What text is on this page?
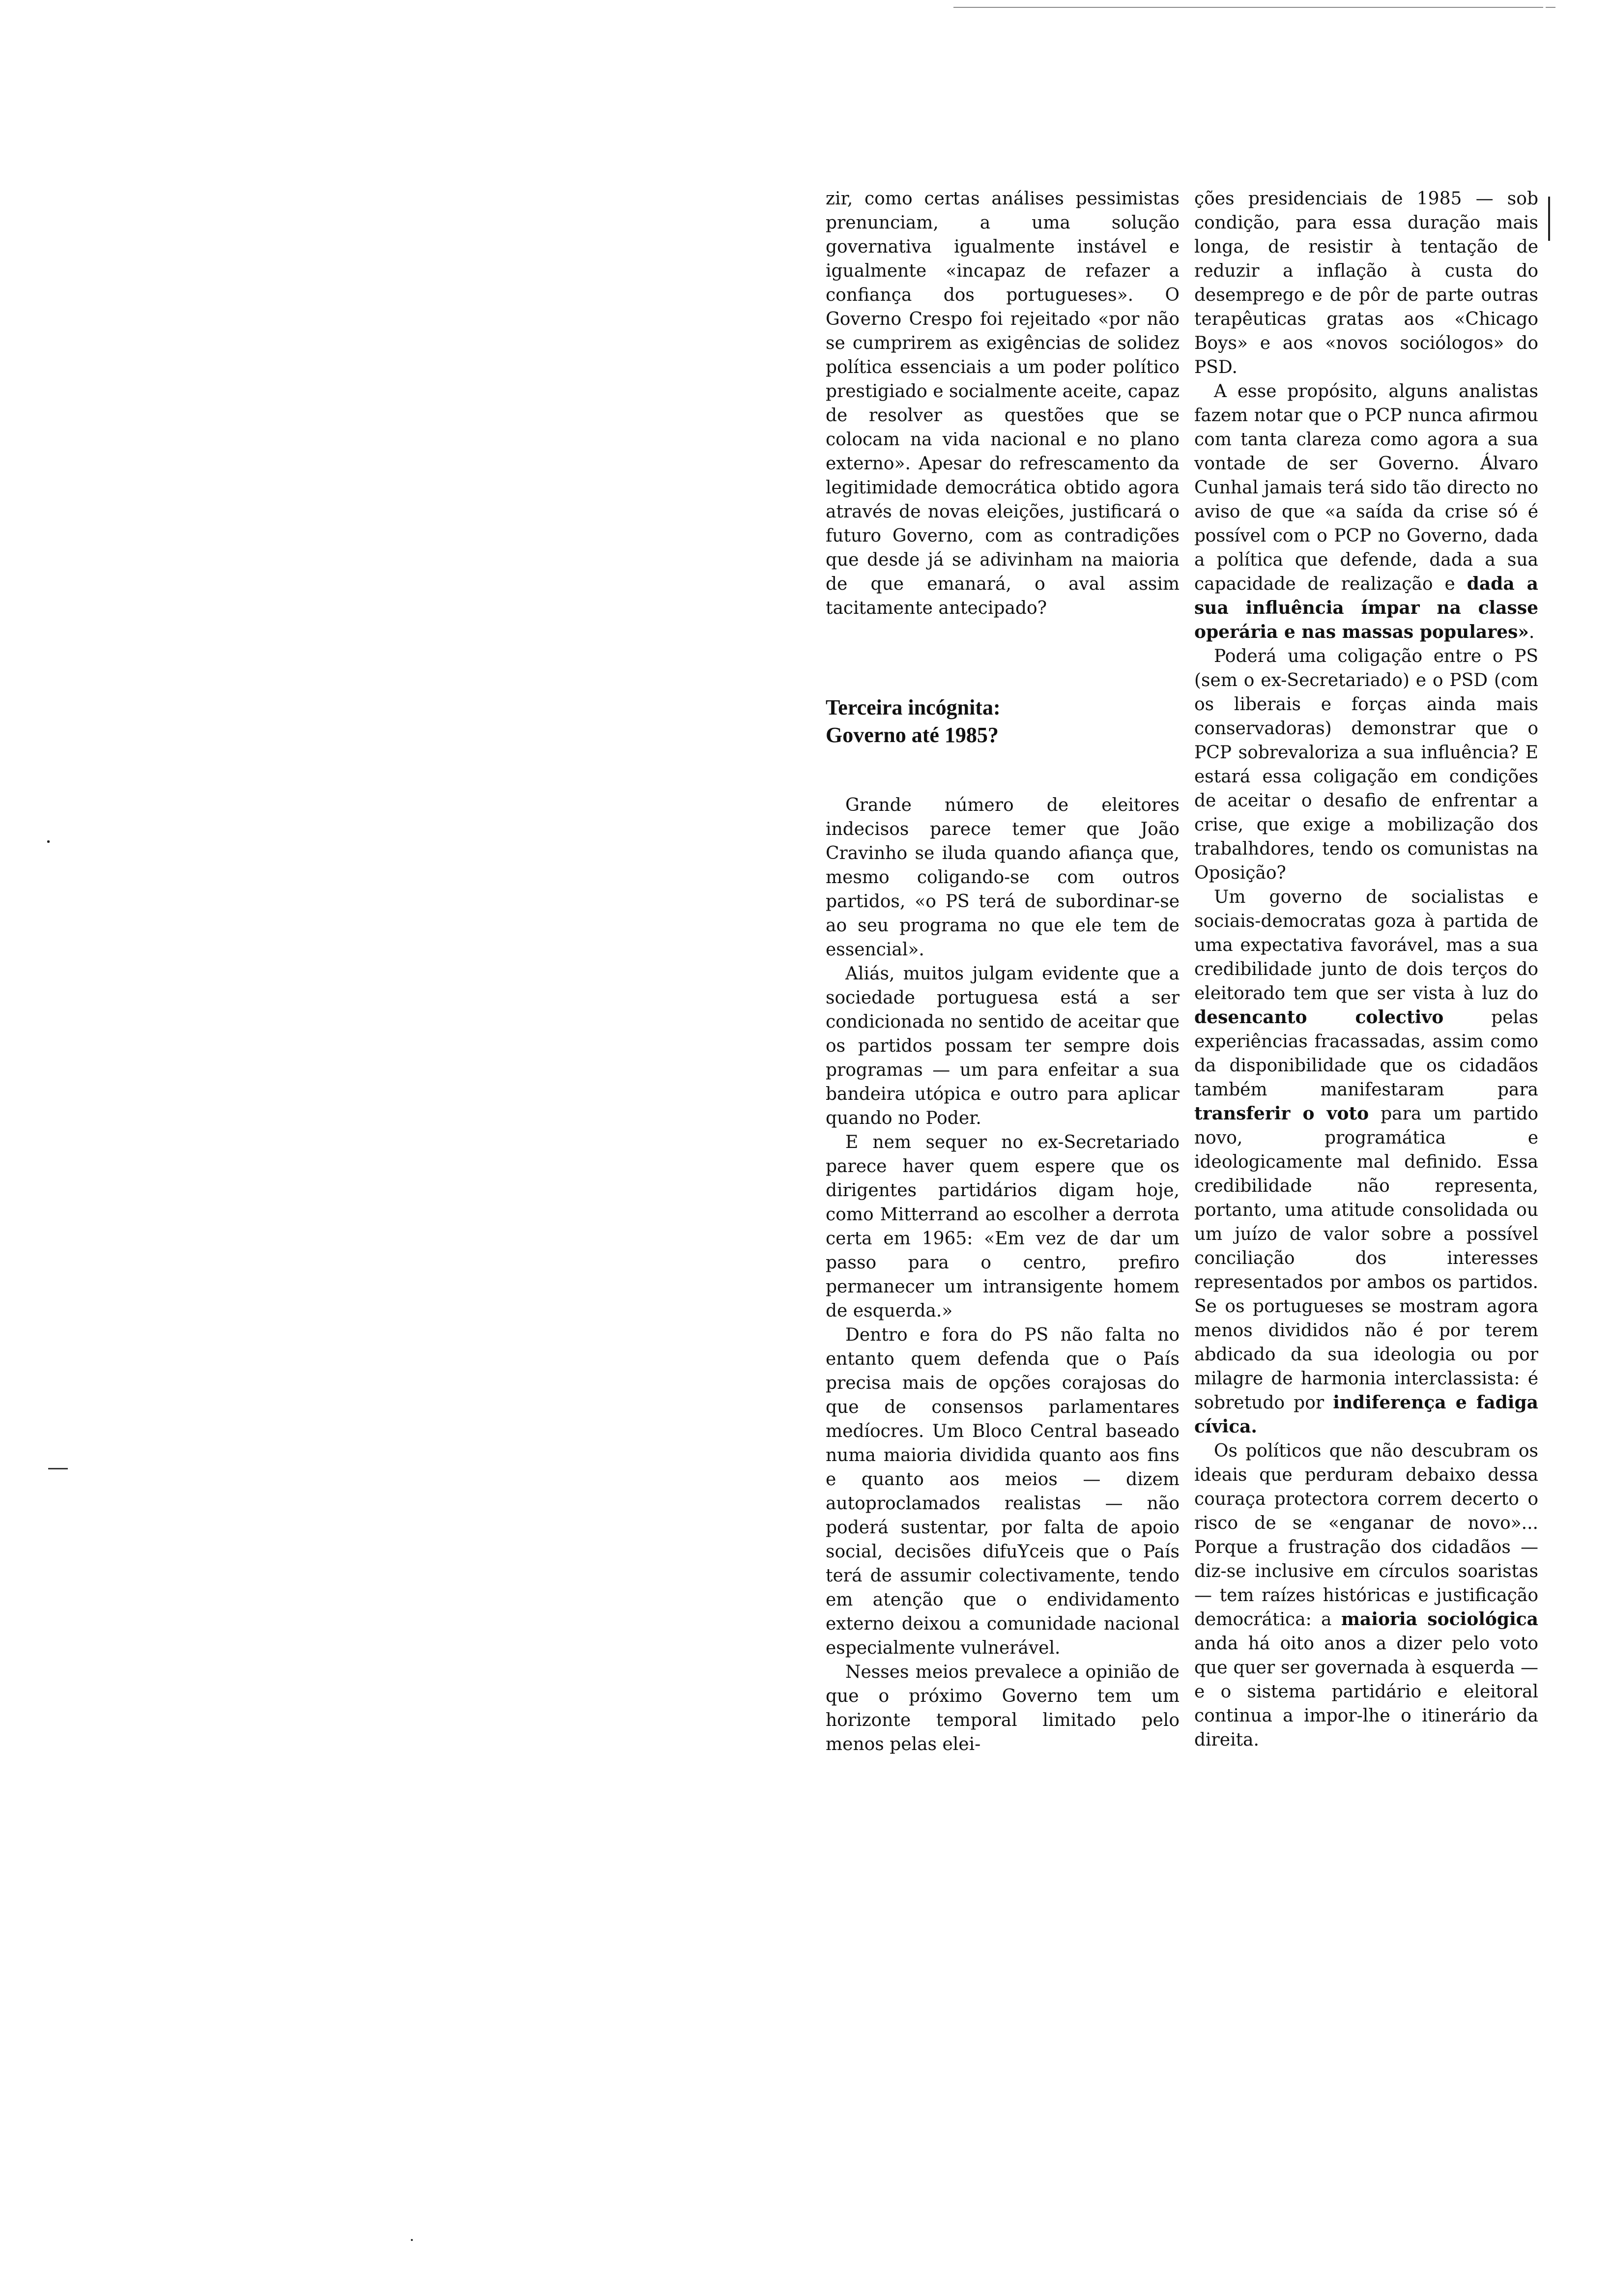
zir, como certas análises pessimistas prenunciam, a uma solução governativa igualmente instável e igualmente «incapaz de refazer a confiança dos portugueses». O Governo Crespo foi rejeitado «por não se cumprirem as exigências de solidez política essenciais a um poder político prestigiado e socialmente aceite, capaz de resolver as questões que se colocam na vida nacional e no plano externo». Apesar do refrescamento da legitimidade democrática obtido agora através de novas eleições, justificará o futuro Governo, com as contradições que desde já se adivinham na maioria de que emanará, o aval assim tacitamente antecipado?

Terceira incógnita:
Governo até 1985?

Grande número de eleitores indecisos parece temer que João Cravinho se iluda quando afiança que, mesmo coligando-se com outros partidos, «o PS terá de subordinar-se ao seu programa no que ele tem de essencial».

Aliás, muitos julgam evidente que a sociedade portuguesa está a ser condicionada no sentido de aceitar que os partidos possam ter sempre dois programas — um para enfeitar a sua bandeira utópica e outro para aplicar quando no Poder.

E nem sequer no ex-Secretariado parece haver quem espere que os dirigentes partidários digam hoje, como Mitterrand ao escolher a derrota certa em 1965: «Em vez de dar um passo para o centro, prefiro permanecer um intransigente homem de esquerda.»

Dentro e fora do PS não falta no entanto quem defenda que o País precisa mais de opções corajosas do que de consensos parlamentares medíocres. Um Bloco Central baseado numa maioria dividida quanto aos fins e quanto aos meios — dizem autoproclamados realistas — não poderá sustentar, por falta de apoio social, decisões difuYceis que o País terá de assumir colectivamente, tendo em atenção que o endividamento externo deixou a comunidade nacional especialmente vulnerável.

Nesses meios prevalece a opinião de que o próximo Governo tem um horizonte temporal limitado pelo menos pelas elei-

ções presidenciais de 1985 — sob condição, para essa duração mais longa, de resistir à tentação de reduzir a inflação à custa do desemprego e de pôr de parte outras terapêuticas gratas aos «Chicago Boys» e aos «novos sociólogos» do PSD.

A esse propósito, alguns analistas fazem notar que o PCP nunca afirmou com tanta clareza como agora a sua vontade de ser Governo. Álvaro Cunhal jamais terá sido tão directo no aviso de que «a saída da crise só é possível com o PCP no Governo, dada a política que defende, dada a sua capacidade de realização e dada a sua influência ímpar na classe operária e nas massas populares».

Poderá uma coligação entre o PS (sem o ex-Secretariado) e o PSD (com os liberais e forças ainda mais conservadoras) demonstrar que o PCP sobrevaloriza a sua influência? E estará essa coligação em condições de aceitar o desafio de enfrentar a crise, que exige a mobilização dos trabalhdores, tendo os comunistas na Oposição?

Um governo de socialistas e sociais-democratas goza à partida de uma expectativa favorável, mas a sua credibilidade junto de dois terços do eleitorado tem que ser vista à luz do desencanto colectivo pelas experiências fracassadas, assim como da disponibilidade que os cidadãos também manifestaram para transferir o voto para um partido novo, programática e ideologicamente mal definido. Essa credibilidade não representa, portanto, uma atitude consolidada ou um juízo de valor sobre a possível conciliação dos interesses representados por ambos os partidos. Se os portugueses se mostram agora menos divididos não é por terem abdicado da sua ideologia ou por milagre de harmonia interclassista: é sobretudo por indiferença e fadiga cívica.

Os políticos que não descubram os ideais que perduram debaixo dessa couraça protectora correm decerto o risco de se «enganar de novo»... Porque a frustração dos cidadãos — diz-se inclusive em círculos soaristas — tem raízes históricas e justificação democrática: a maioria sociológica anda há oito anos a dizer pelo voto que quer ser governada à esquerda — e o sistema partidário e eleitoral continua a impor-lhe o itinerário da direita.
